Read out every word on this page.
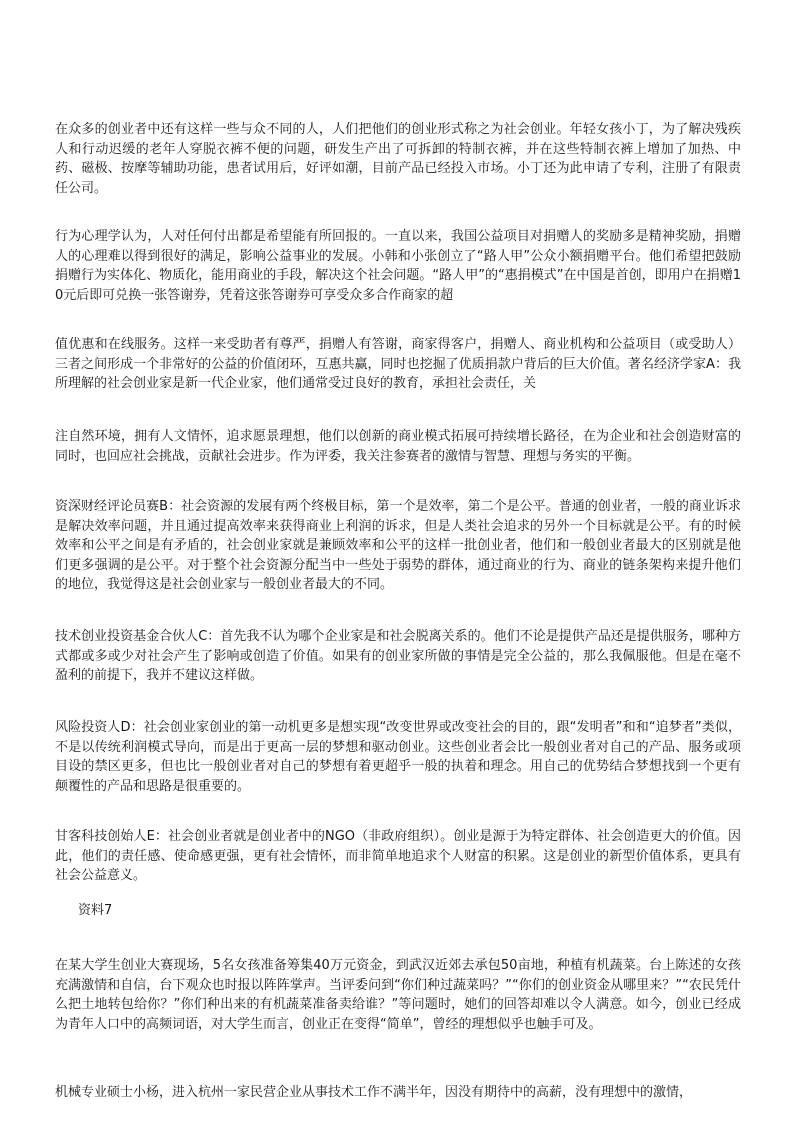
在众多的创业者中还有这样一些与众不同的人，人们把他们的创业形式称之为社会创业。年轻女孩小丁，为了解决残疾人和行动迟缓的老年人穿脱衣裤不便的问题，研发生产出了可拆卸的特制衣裤，并在这些特制衣裤上增加了加热、中药、磁极、按摩等辅助功能，患者试用后，好评如潮，目前产品已经投入市场。小丁还为此申请了专利，注册了有限责任公司。

行为心理学认为，人对任何付出都是希望能有所回报的。一直以来，我国公益项目对捐赠人的奖励多是精神奖励，捐赠人的心理难以得到很好的满足，影响公益事业的发展。小韩和小张创立了“路人甲”公众小额捐赠平台。他们希望把鼓励捐赠行为实体化、物质化，能用商业的手段，解决这个社会问题。“路人甲”的“惠捐模式”在中国是首创，即用户在捐赠10元后即可兑换一张答谢券，凭着这张答谢券可享受众多合作商家的超

值优惠和在线服务。这样一来受助者有尊严，捐赠人有答谢，商家得客户，捐赠人、商业机构和公益项目（或受助人）三者之间形成一个非常好的公益的价值闭环，互惠共赢，同时也挖掘了优质捐款户背后的巨大价值。著名经济学家A：我所理解的社会创业家是新一代企业家，他们通常受过良好的教育，承担社会责任，关

注自然环境，拥有人文情怀，追求愿景理想，他们以创新的商业模式拓展可持续增长路径，在为企业和社会创造财富的同时，也回应社会挑战，贡献社会进步。作为评委，我关注参赛者的激情与智慧、理想与务实的平衡。

资深财经评论员赛B：社会资源的发展有两个终极目标，第一个是效率，第二个是公平。普通的创业者，一般的商业诉求是解决效率问题，并且通过提高效率来获得商业上利润的诉求，但是人类社会追求的另外一个目标就是公平。有的时候效率和公平之间是有矛盾的，社会创业家就是兼顾效率和公平的这样一批创业者，他们和一般创业者最大的区别就是他们更多强调的是公平。对于整个社会资源分配当中一些处于弱势的群体，通过商业的行为、商业的链条架构来提升他们的地位，我觉得这是社会创业家与一般创业者最大的不同。

技术创业投资基金合伙人C：首先我不认为哪个企业家是和社会脱离关系的。他们不论是提供产品还是提供服务，哪种方式都或多或少对社会产生了影响或创造了价值。如果有的创业家所做的事情是完全公益的，那么我佩服他。但是在毫不盈利的前提下，我并不建议这样做。

风险投资人D：社会创业家创业的第一动机更多是想实现“改变世界或改变社会的目的，跟“发明者”和和“追梦者”类似，不是以传统利润模式导向，而是出于更高一层的梦想和驱动创业。这些创业者会比一般创业者对自己的产品、服务或项目设的禁区更多，但也比一般创业者对自己的梦想有着更超乎一般的执着和理念。用自己的优势结合梦想找到一个更有颠覆性的产品和思路是很重要的。

甘客科技创始人E：社会创业者就是创业者中的NGO（非政府组织）。创业是源于为特定群体、社会创造更大的价值。因此，他们的责任感、使命感更强，更有社会情怀，而非简单地追求个人财富的积累。这是创业的新型价值体系，更具有社会公益意义。

资料7

在某大学生创业大赛现场，5名女孩准备筹集40万元资金，到武汉近郊去承包50亩地，种植有机蔬菜。台上陈述的女孩充满激情和自信，台下观众也时报以阵阵掌声。当评委问到“你们种过蔬菜吗？”“你们的创业资金从哪里来？”“农民凭什么把土地转包给你？”你们种出来的有机蔬菜准备卖给谁？”等问题时，她们的回答却难以令人满意。如今，创业已经成为青年人口中的高频词语，对大学生而言，创业正在变得“简单”，曾经的理想似乎也触手可及。

机械专业硕士小杨，进入杭州一家民营企业从事技术工作不满半年，因没有期待中的高薪，没有理想中的激情，
